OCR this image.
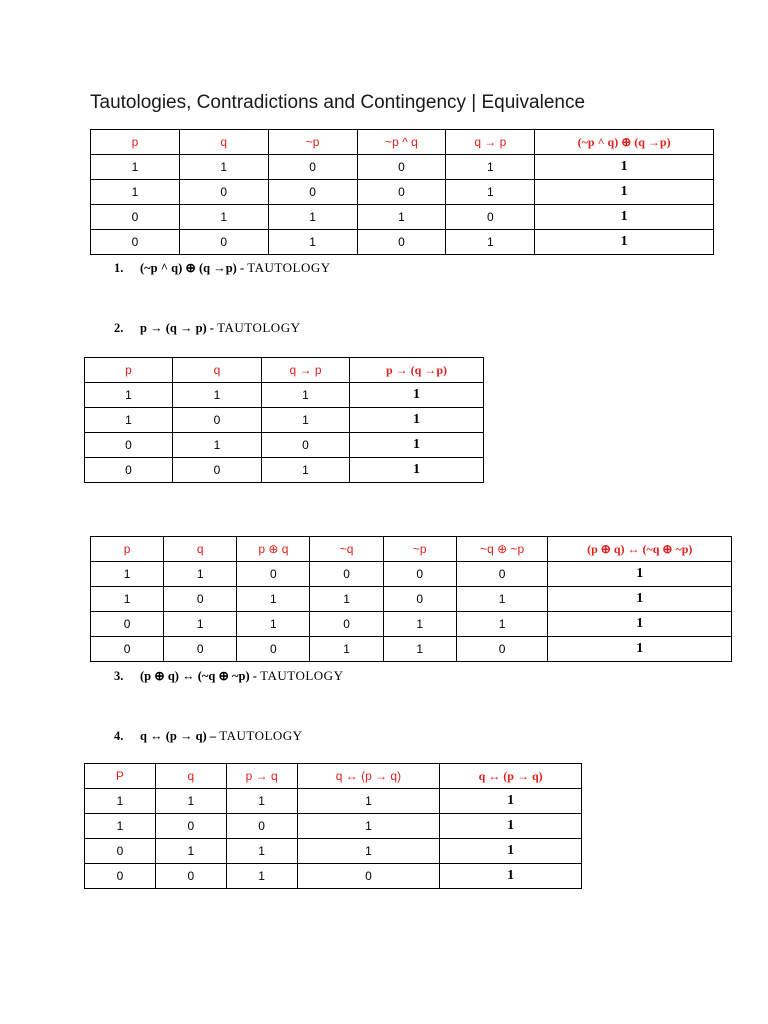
Tautologies, Contradictions and Contingency | Equivalence
p	q	~p	~p ^ q	q → p	(~p ^ q) ⊕ (q →p)
1	1	0	0	1	1
1	0	0	0	1	1
0	1	1	1	0	1
0	0	1	0	1	1
1. (~p ^ q) ⊕ (q →p) - TAUTOLOGY
2. p → (q → p) - TAUTOLOGY
p	q	q → p	p → (q →p)
1	1	1	1
1	0	1	1
0	1	0	1
0	0	1	1
p	q	p ⊕ q	~q	~p	~q ⊕ ~p	(p ⊕ q) ↔ (~q ⊕ ~p)
1	1	0	0	0	0	1
1	0	1	1	0	1	1
0	1	1	0	1	1	1
0	0	0	1	1	0	1
3. (p ⊕ q) ↔ (~q ⊕ ~p) - TAUTOLOGY
4. q ↔ (p → q) – TAUTOLOGY
P	q	p → q	q ↔ (p → q)	q ↔ (p → q)
1	1	1	1	1
1	0	0	1	1
0	1	1	1	1
0	0	1	0	1
